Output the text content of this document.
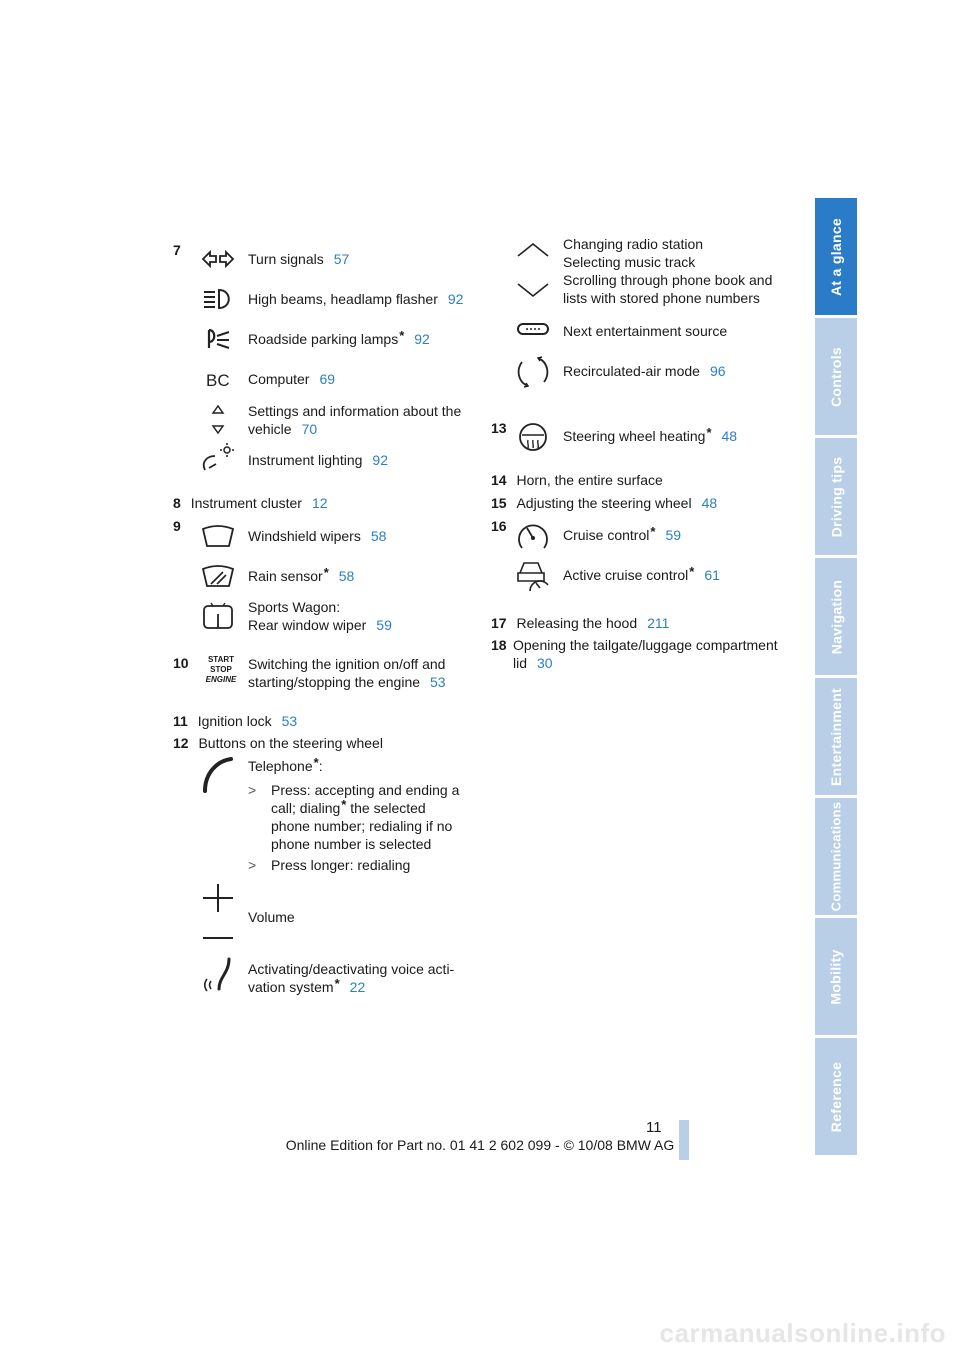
7
Turn signals 57
High beams, headlamp flasher 92
Roadside parking lamps* 92
BC Computer 69
Settings and information about the
vehicle 70
Instrument lighting 92
8 Instrument cluster 12
9
Windshield wipers 58
Rain sensor* 58
Sports Wagon:
Rear window wiper 59
10	START
STOP
ENGINE
Switching the ignition on/off and
starting/stopping the engine 53
11 Ignition lock 53
12 Buttons on the steering wheel
Telephone*:
> Press: accepting and ending a
call; dialing* the selected
phone number; redialing if no
phone number is selected
> Press longer: redialing
Volume
Activating/deactivating voice acti-
vation system* 22
Changing radio station
Selecting music track
Scrolling through phone book and
lists with stored phone numbers
Next entertainment source
Recirculated-air mode 96
13	Steering wheel heating* 48
14 Horn, the entire surface
15 Adjusting the steering wheel 48
16
Cruise control* 59
Active cruise control* 61
17 Releasing the hood 211
18 Opening the tailgate/luggage compartment
lid 30
At a glance
Controls
Driving tips
Navigation
Entertainment
Communications
Mobility
Reference
11
Online Edition for Part no. 01 41 2 602 099 - © 10/08 BMW AG
carmanualsonline.info
